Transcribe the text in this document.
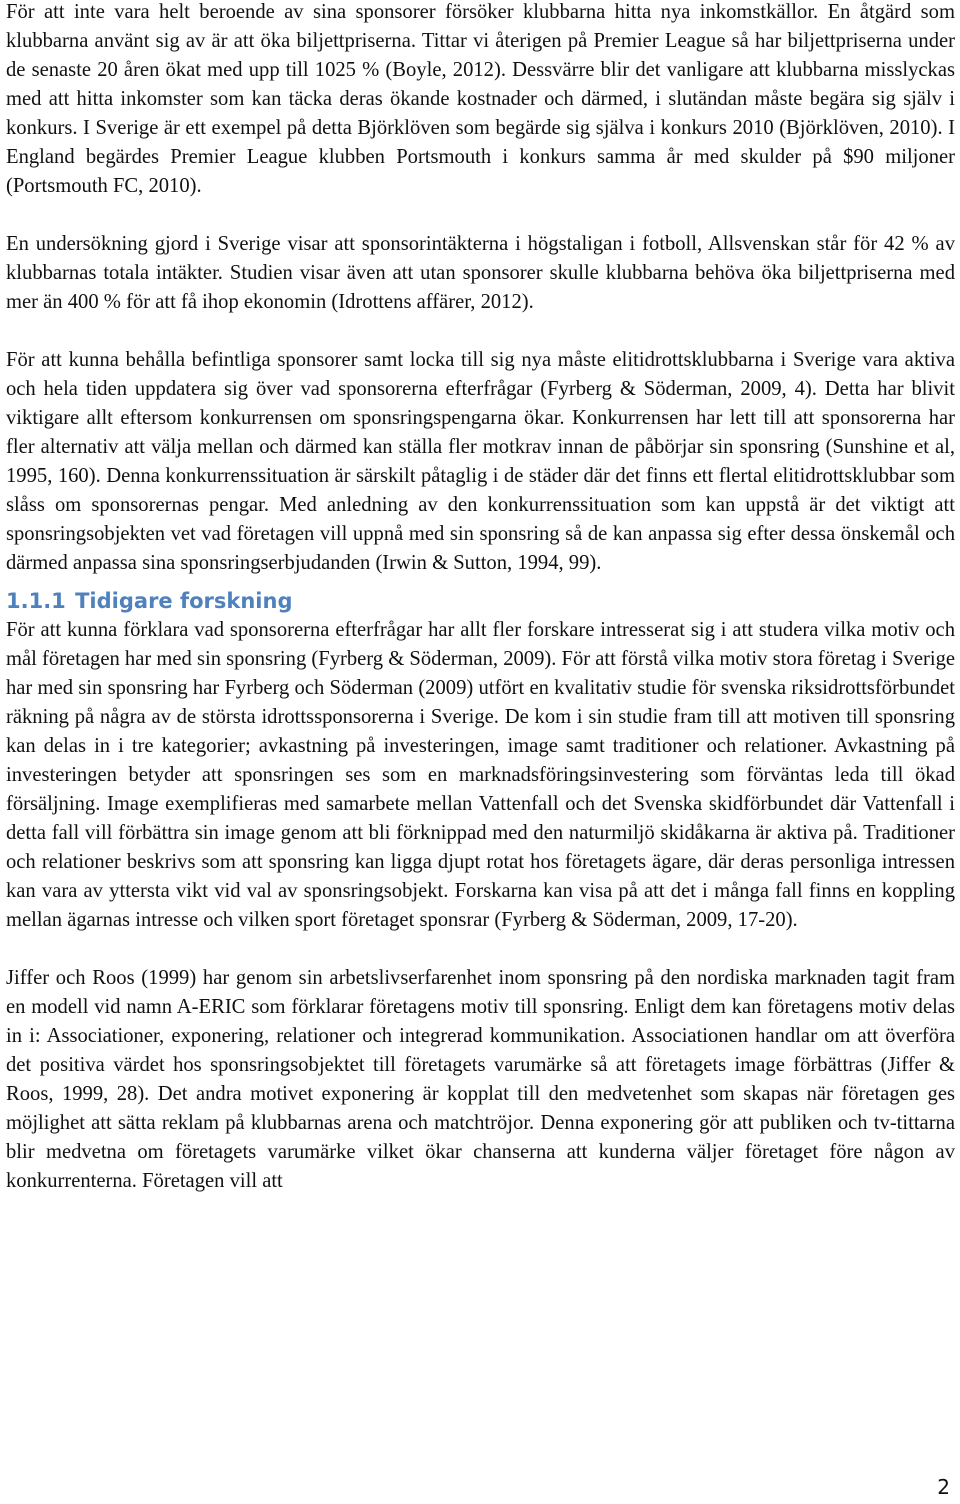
För att inte vara helt beroende av sina sponsorer försöker klubbarna hitta nya inkomstkällor. En åtgärd som klubbarna använt sig av är att öka biljettpriserna. Tittar vi återigen på Premier League så har biljettpriserna under de senaste 20 åren ökat med upp till 1025 % (Boyle, 2012). Dessvärre blir det vanligare att klubbarna misslyckas med att hitta inkomster som kan täcka deras ökande kostnader och därmed, i slutändan måste begära sig själv i konkurs. I Sverige är ett exempel på detta Björklöven som begärde sig själva i konkurs 2010 (Björklöven, 2010). I England begärdes Premier League klubben Portsmouth i konkurs samma år med skulder på $90 miljoner (Portsmouth FC, 2010).

En undersökning gjord i Sverige visar att sponsorintäkterna i högstaligan i fotboll, Allsvenskan står för 42 % av klubbarnas totala intäkter. Studien visar även att utan sponsorer skulle klubbarna behöva öka biljettpriserna med mer än 400 % för att få ihop ekonomin (Idrottens affärer, 2012).

För att kunna behålla befintliga sponsorer samt locka till sig nya måste elitidrottsklubbarna i Sverige vara aktiva och hela tiden uppdatera sig över vad sponsorerna efterfrågar (Fyrberg & Söderman, 2009, 4). Detta har blivit viktigare allt eftersom konkurrensen om sponsringspengarna ökar. Konkurrensen har lett till att sponsorerna har fler alternativ att välja mellan och därmed kan ställa fler motkrav innan de påbörjar sin sponsring (Sunshine et al, 1995, 160). Denna konkurrenssituation är särskilt påtaglig i de städer där det finns ett flertal elitidrottsklubbar som slåss om sponsorernas pengar. Med anledning av den konkurrenssituation som kan uppstå är det viktigt att sponsringsobjekten vet vad företagen vill uppnå med sin sponsring så de kan anpassa sig efter dessa önskemål och därmed anpassa sina sponsringserbjudanden (Irwin & Sutton, 1994, 99).

1.1.1 Tidigare forskning

För att kunna förklara vad sponsorerna efterfrågar har allt fler forskare intresserat sig i att studera vilka motiv och mål företagen har med sin sponsring (Fyrberg & Söderman, 2009). För att förstå vilka motiv stora företag i Sverige har med sin sponsring har Fyrberg och Söderman (2009) utfört en kvalitativ studie för svenska riksidrottsförbundet räkning på några av de största idrottssponsorerna i Sverige. De kom i sin studie fram till att motiven till sponsring kan delas in i tre kategorier; avkastning på investeringen, image samt traditioner och relationer. Avkastning på investeringen betyder att sponsringen ses som en marknadsföringsinvestering som förväntas leda till ökad försäljning. Image exemplifieras med samarbete mellan Vattenfall och det Svenska skidförbundet där Vattenfall i detta fall vill förbättra sin image genom att bli förknippad med den naturmiljö skidåkarna är aktiva på. Traditioner och relationer beskrivs som att sponsring kan ligga djupt rotat hos företagets ägare, där deras personliga intressen kan vara av yttersta vikt vid val av sponsringsobjekt. Forskarna kan visa på att det i många fall finns en koppling mellan ägarnas intresse och vilken sport företaget sponsrar (Fyrberg & Söderman, 2009, 17-20).

Jiffer och Roos (1999) har genom sin arbetslivserfarenhet inom sponsring på den nordiska marknaden tagit fram en modell vid namn A-ERIC som förklarar företagens motiv till sponsring. Enligt dem kan företagens motiv delas in i: Associationer, exponering, relationer och integrerad kommunikation. Associationen handlar om att överföra det positiva värdet hos sponsringsobjektet till företagets varumärke så att företagets image förbättras (Jiffer & Roos, 1999, 28). Det andra motivet exponering är kopplat till den medvetenhet som skapas när företagen ges möjlighet att sätta reklam på klubbarnas arena och matchtröjor. Denna exponering gör att publiken och tv-tittarna blir medvetna om företagets varumärke vilket ökar chanserna att kunderna väljer företaget före någon av konkurrenterna. Företagen vill att

2
